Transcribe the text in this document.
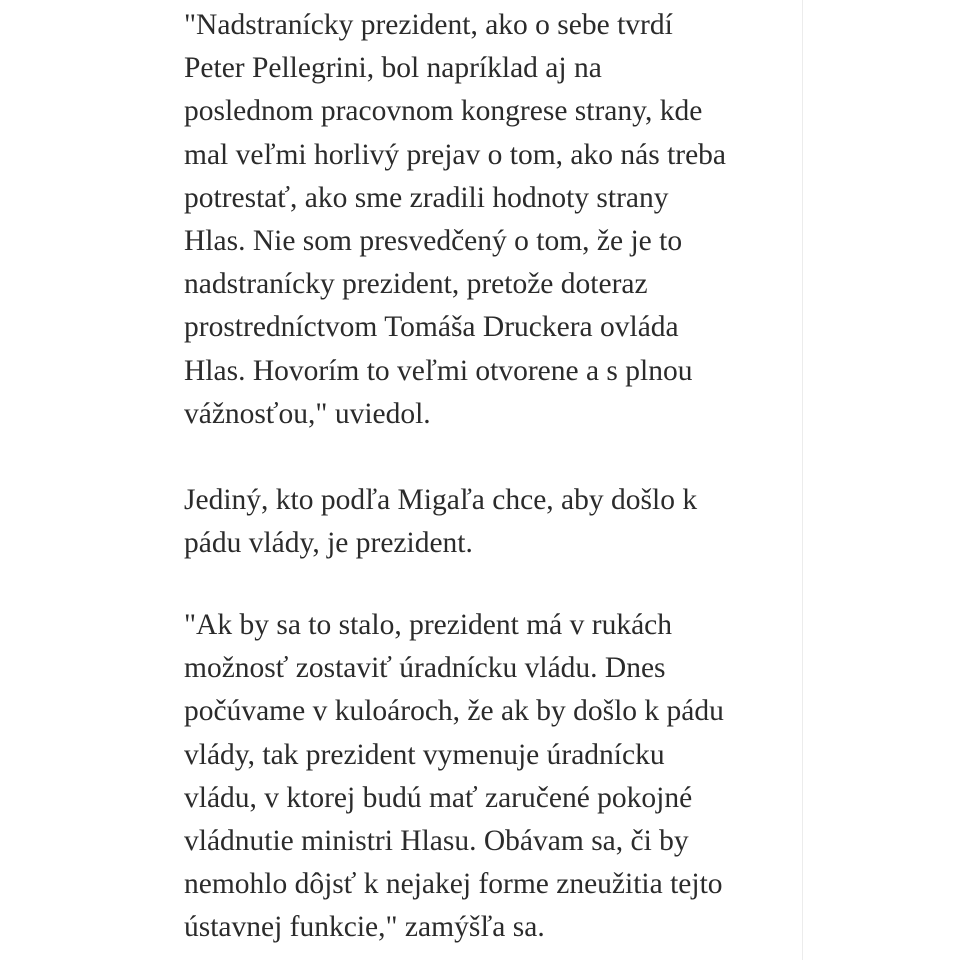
"Nadstranícky prezident, ako o sebe tvrdí
Peter Pellegrini, bol napríklad aj na
poslednom pracovnom kongrese strany, kde
mal veľmi horlivý prejav o tom, ako nás treba
potrestať, ako sme zradili hodnoty strany
Hlas. Nie som presvedčený o tom, že je to
nadstranícky prezident, pretože doteraz
prostredníctvom Tomáša Druckera ovláda
Hlas. Hovorím to veľmi otvorene a s plnou
vážnosťou," uviedol.

Jediný, kto podľa Migaľa chce, aby došlo k
pádu vlády, je prezident.

"Ak by sa to stalo, prezident má v rukách
možnosť zostaviť úradnícku vládu. Dnes
počúvame v kuloároch, že ak by došlo k pádu
vlády, tak prezident vymenuje úradnícku
vládu, v ktorej budú mať zaručené pokojné
vládnutie ministri Hlasu. Obávam sa, či by
nemohlo dôjsť k nejakej forme zneužitia tejto
ústavnej funkcie," zamýšľa sa.
